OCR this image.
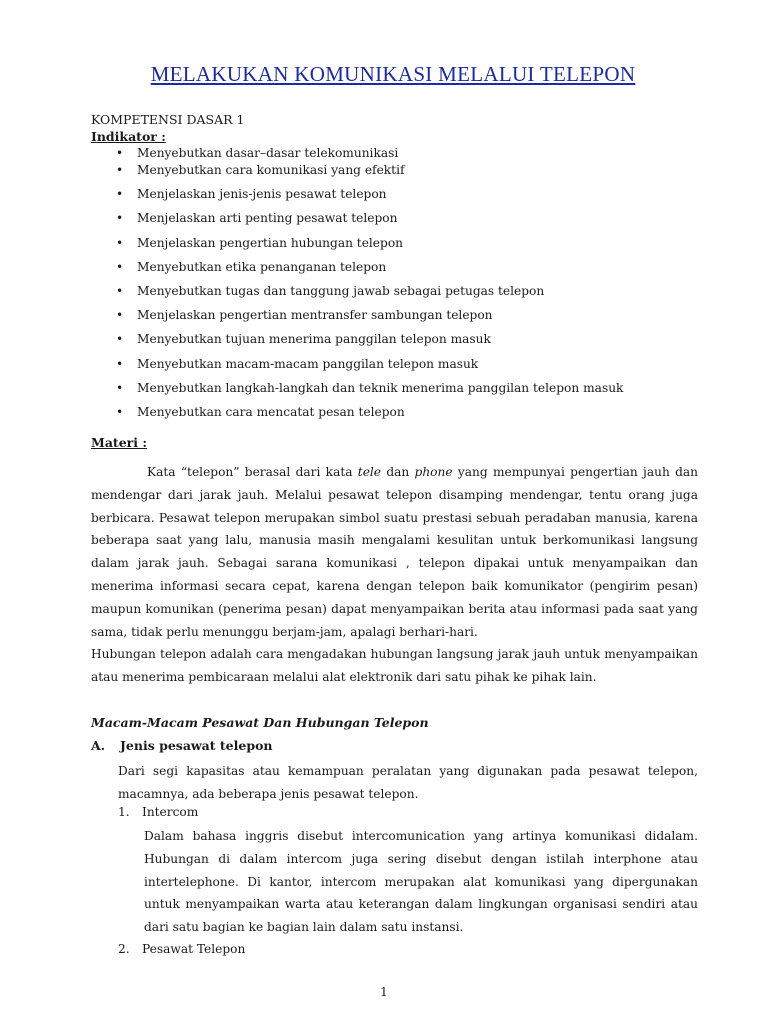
MELAKUKAN KOMUNIKASI MELALUI TELEPON
KOMPETENSI DASAR 1
Indikator :
• Menyebutkan dasar–dasar telekomunikasi
• Menyebutkan cara komunikasi yang efektif
• Menjelaskan jenis-jenis pesawat telepon
• Menjelaskan arti penting pesawat telepon
• Menjelaskan pengertian hubungan telepon
• Menyebutkan etika penanganan telepon
• Menyebutkan tugas dan tanggung jawab sebagai petugas telepon
• Menjelaskan pengertian mentransfer sambungan telepon
• Menyebutkan tujuan menerima panggilan telepon masuk
• Menyebutkan macam-macam panggilan telepon masuk
• Menyebutkan langkah-langkah dan teknik menerima panggilan telepon masuk
• Menyebutkan cara mencatat pesan telepon
Materi :
Kata “telepon” berasal dari kata tele dan phone yang mempunyai pengertian jauh dan mendengar dari jarak jauh. Melalui pesawat telepon disamping mendengar, tentu orang juga berbicara. Pesawat telepon merupakan simbol suatu prestasi sebuah peradaban manusia, karena beberapa saat yang lalu, manusia masih mengalami kesulitan untuk berkomunikasi langsung dalam jarak jauh. Sebagai sarana komunikasi , telepon dipakai untuk menyampaikan dan menerima informasi secara cepat, karena dengan telepon baik komunikator (pengirim pesan) maupun komunikan (penerima pesan) dapat menyampaikan berita atau informasi pada saat yang sama, tidak perlu menunggu berjam-jam, apalagi berhari-hari.
Hubungan telepon adalah cara mengadakan hubungan langsung jarak jauh untuk menyampaikan atau menerima pembicaraan melalui alat elektronik dari satu pihak ke pihak lain.
Macam-Macam Pesawat Dan Hubungan Telepon
A. Jenis pesawat telepon
Dari segi kapasitas atau kemampuan peralatan yang digunakan pada pesawat telepon, macamnya, ada beberapa jenis pesawat telepon.
1. Intercom
Dalam bahasa inggris disebut intercomunication yang artinya komunikasi didalam. Hubungan di dalam intercom juga sering disebut dengan istilah interphone atau intertelephone. Di kantor, intercom merupakan alat komunikasi yang dipergunakan untuk menyampaikan warta atau keterangan dalam lingkungan organisasi sendiri atau dari satu bagian ke bagian lain dalam satu instansi.
2. Pesawat Telepon
1
